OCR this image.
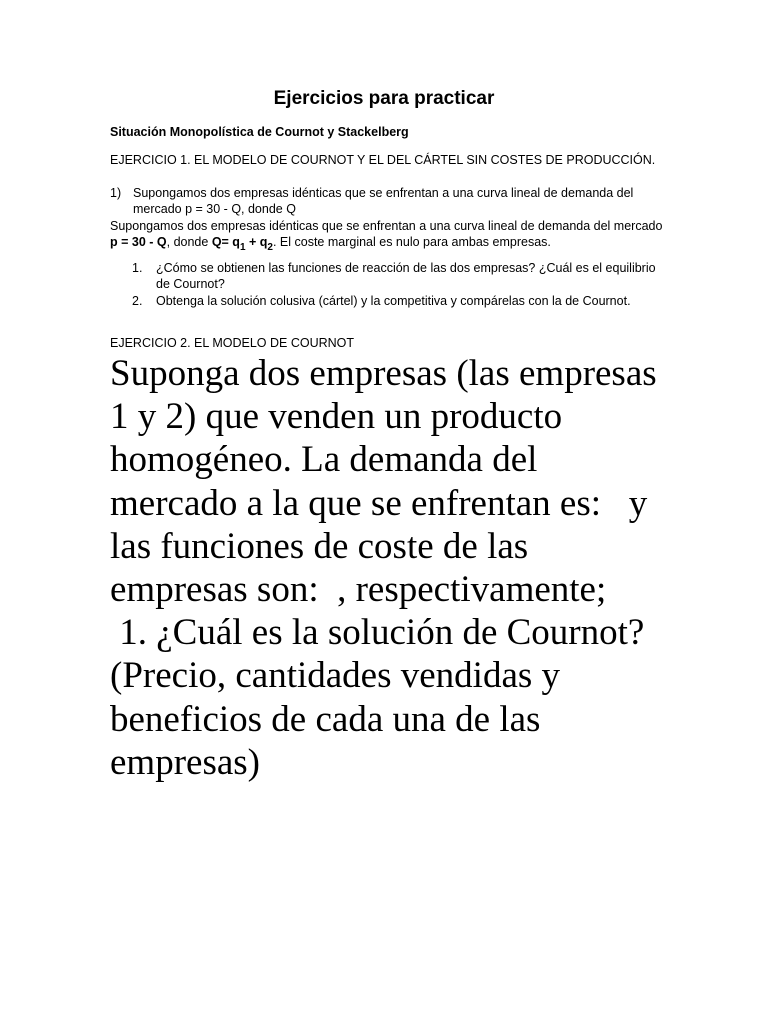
Ejercicios para practicar
Situación Monopolística de Cournot y Stackelberg
EJERCICIO 1. EL MODELO DE COURNOT Y EL DEL CÁRTEL SIN COSTES DE PRODUCCIÓN.
1) Supongamos dos empresas idénticas que se enfrentan a una curva lineal de demanda del mercado p = 30 - Q, donde Q
Supongamos dos empresas idénticas que se enfrentan a una curva lineal de demanda del mercado p = 30 - Q, donde $Q= q_1 + q_2$. El coste marginal es nulo para ambas empresas.
1. ¿Cómo se obtienen las funciones de reacción de las dos empresas? ¿Cuál es el equilibrio de Cournot?
2. Obtenga la solución colusiva (cártel) y la competitiva y compárelas con la de Cournot.
EJERCICIO 2. EL MODELO DE COURNOT
Suponga dos empresas (las empresas 1 y 2) que venden un producto homogéneo. La demanda del mercado a la que se enfrentan es:   y las funciones de coste de las empresas son:  , respectivamente;
1. ¿Cuál es la solución de Cournot? (Precio, cantidades vendidas y beneficios de cada una de las empresas)
